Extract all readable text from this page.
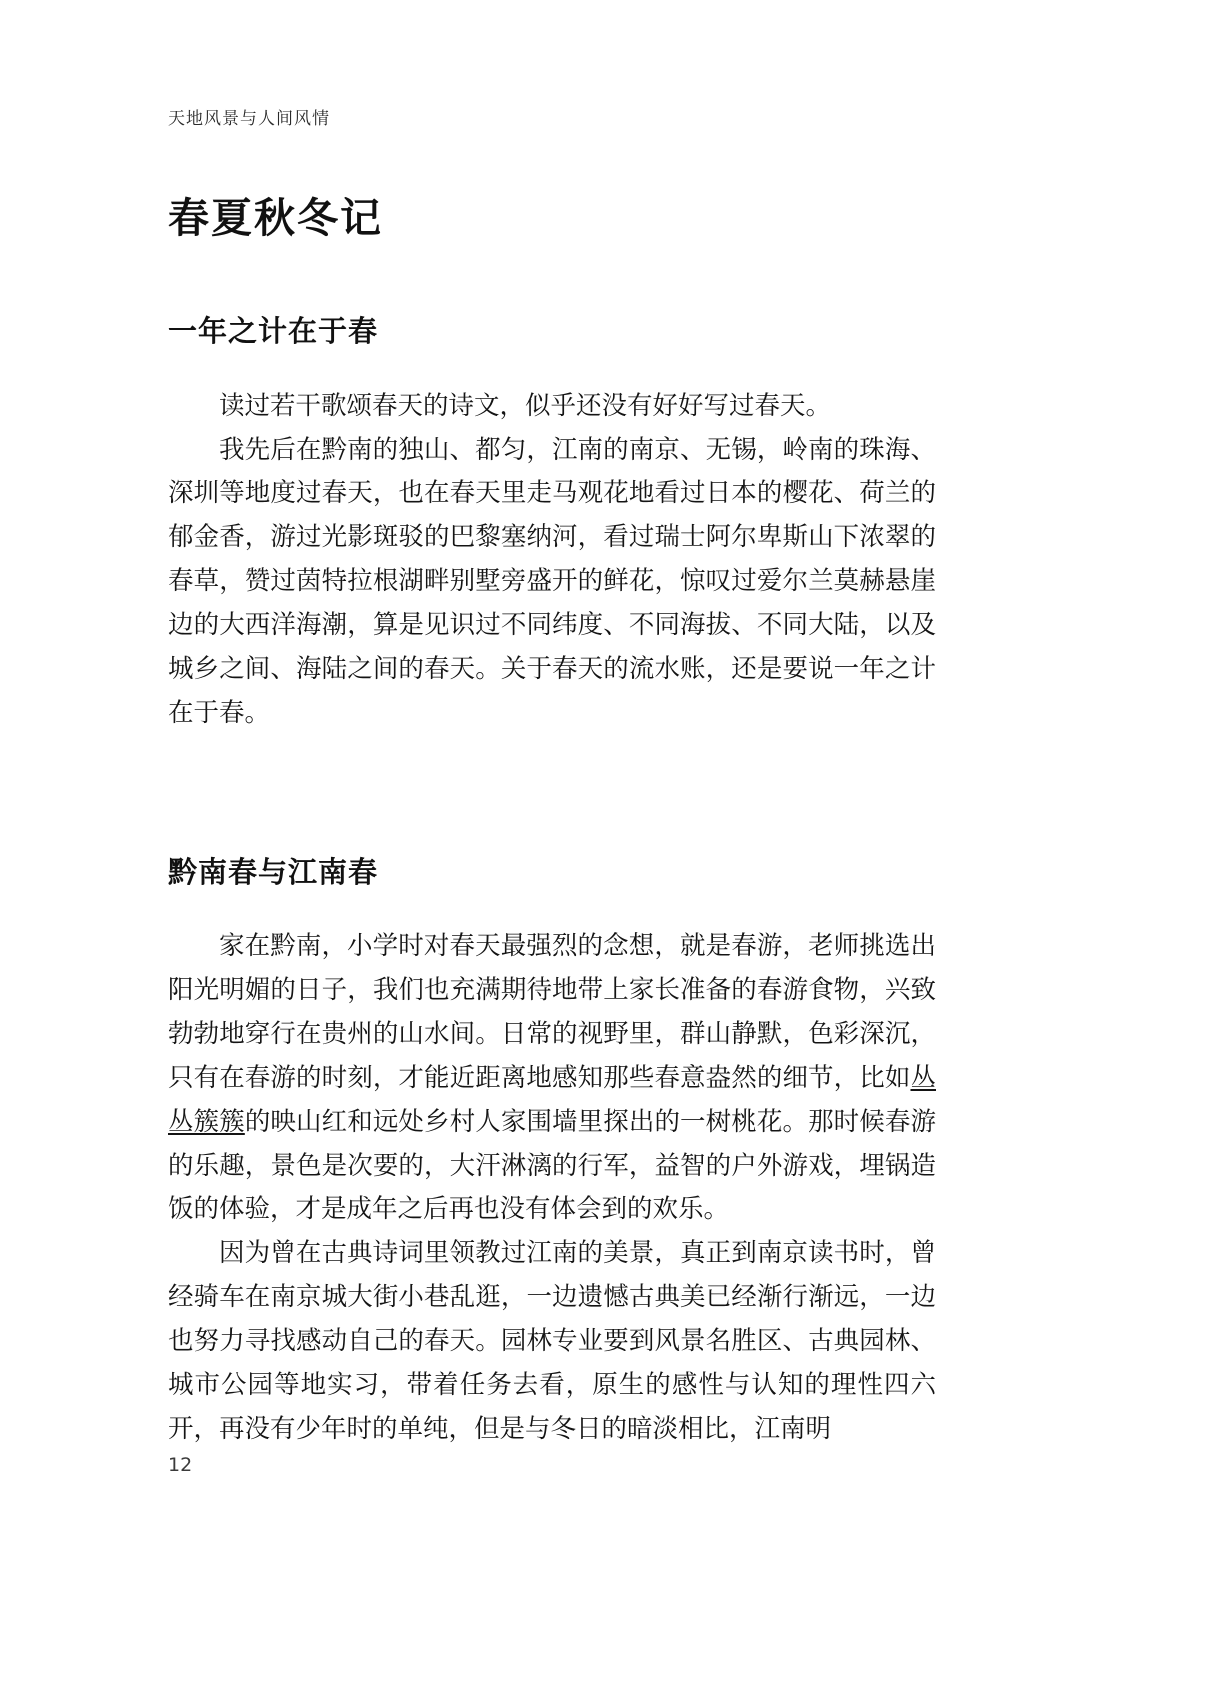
天地风景与人间风情
春夏秋冬记
一年之计在于春

读过若干歌颂春天的诗文，似乎还没有好好写过春天。

我先后在黔南的独山、都匀，江南的南京、无锡，岭南的珠海、深圳等地度过春天，也在春天里走马观花地看过日本的樱花、荷兰的郁金香，游过光影斑驳的巴黎塞纳河，看过瑞士阿尔卑斯山下浓翠的春草，赞过茵特拉根湖畔别墅旁盛开的鲜花，惊叹过爱尔兰莫赫悬崖边的大西洋海潮，算是见识过不同纬度、不同海拔、不同大陆，以及城乡之间、海陆之间的春天。关于春天的流水账，还是要说一年之计在于春。

黔南春与江南春

家在黔南，小学时对春天最强烈的念想，就是春游，老师挑选出阳光明媚的日子，我们也充满期待地带上家长准备的春游食物，兴致勃勃地穿行在贵州的山水间。日常的视野里，群山静默，色彩深沉，只有在春游的时刻，才能近距离地感知那些春意盎然的细节，比如丛丛簇簇的映山红和远处乡村人家围墙里探出的一树桃花。那时候春游的乐趣，景色是次要的，大汗淋漓的行军，益智的户外游戏，埋锅造饭的体验，才是成年之后再也没有体会到的欢乐。

因为曾在古典诗词里领教过江南的美景，真正到南京读书时，曾经骑车在南京城大街小巷乱逛，一边遗憾古典美已经渐行渐远，一边也努力寻找感动自己的春天。园林专业要到风景名胜区、古典园林、城市公园等地实习，带着任务去看，原生的感性与认知的理性四六开，再没有少年时的单纯，但是与冬日的暗淡相比，江南明

12
